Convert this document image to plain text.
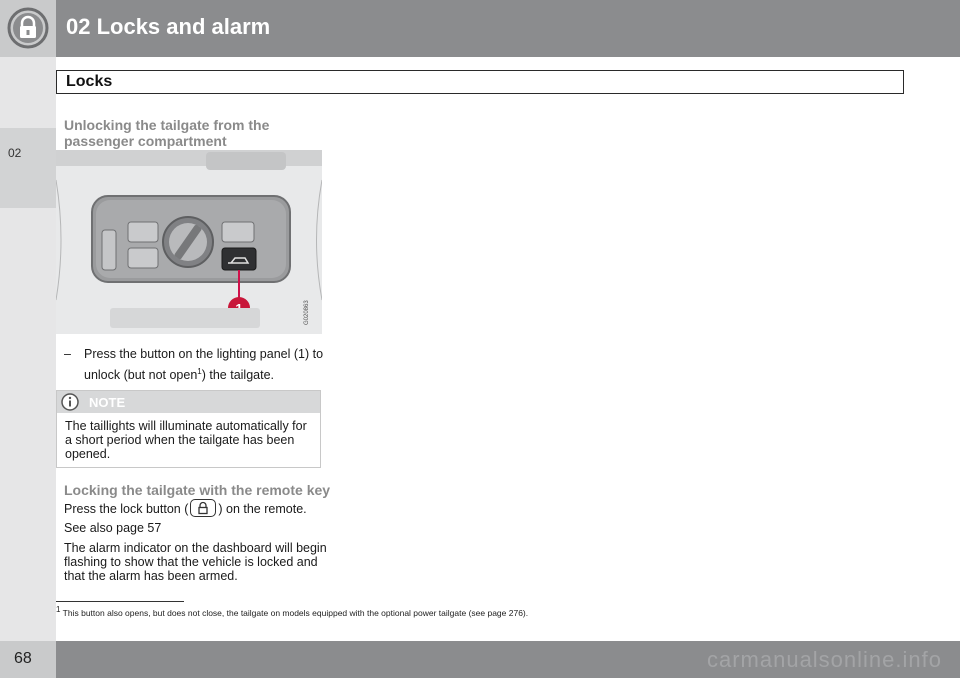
02 Locks and alarm
02
Locks
Unlocking the tailgate from the passenger compartment
G020863
– Press the button on the lighting panel (1) to unlock (but not open$^1$) the tailgate.
NOTE
The taillights will illuminate automatically for a short period when the tailgate has been opened.
Locking the tailgate with the remote key
Press the lock button ( ) on the remote. See also page 57
The alarm indicator on the dashboard will begin flashing to show that the vehicle is locked and that the alarm has been armed.
$^1$ This button also opens, but does not close, the tailgate on models equipped with the optional power tailgate (see page 276).
68	carmanualsonline.info
